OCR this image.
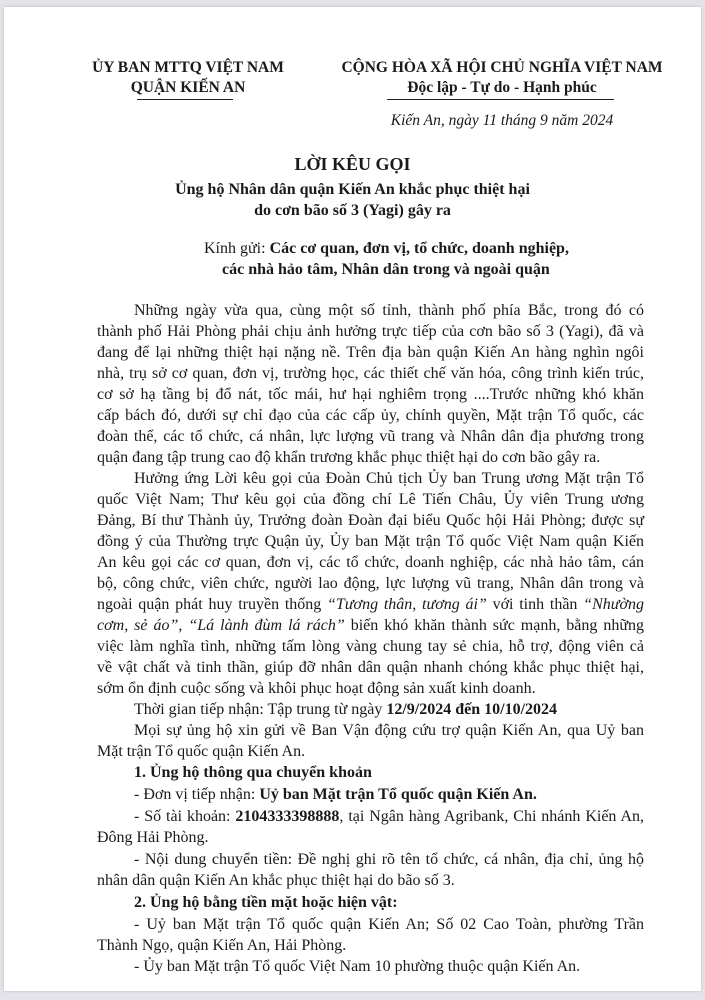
ỦY BAN MTTQ VIỆT NAM
QUẬN KIẾN AN
CỘNG HÒA XÃ HỘI CHỦ NGHĨA VIỆT NAM
Độc lập - Tự do - Hạnh phúc
Kiến An, ngày 11 tháng 9 năm 2024
LỜI KÊU GỌI
Ủng hộ Nhân dân quận Kiến An khắc phục thiệt hại
do cơn bão số 3 (Yagi) gây ra
Kính gửi: Các cơ quan, đơn vị, tổ chức, doanh nghiệp,
các nhà hảo tâm, Nhân dân trong và ngoài quận
Những ngày vừa qua, cùng một số tỉnh, thành phố phía Bắc, trong đó có
thành phố Hải Phòng phải chịu ảnh hưởng trực tiếp của cơn bão số 3 (Yagi), đã và
đang để lại những thiệt hại nặng nề. Trên địa bàn quận Kiến An hàng nghìn ngôi
nhà, trụ sở cơ quan, đơn vị, trường học, các thiết chế văn hóa, công trình kiến trúc,
cơ sở hạ tầng bị đổ nát, tốc mái, hư hại nghiêm trọng ....Trước những khó khăn
cấp bách đó, dưới sự chỉ đạo của các cấp ủy, chính quyền, Mặt trận Tổ quốc, các
đoàn thể, các tổ chức, cá nhân, lực lượng vũ trang và Nhân dân địa phương trong
quận đang tập trung cao độ khẩn trương khắc phục thiệt hại do cơn bão gây ra.
Hưởng ứng Lời kêu gọi của Đoàn Chủ tịch Ủy ban Trung ương Mặt trận Tổ
quốc Việt Nam; Thư kêu gọi của đồng chí Lê Tiến Châu, Ủy viên Trung ương
Đảng, Bí thư Thành ủy, Trưởng đoàn Đoàn đại biểu Quốc hội Hải Phòng; được sự
đồng ý của Thường trực Quận ủy, Ủy ban Mặt trận Tổ quốc Việt Nam quận Kiến
An kêu gọi các cơ quan, đơn vị, các tổ chức, doanh nghiệp, các nhà hảo tâm, cán
bộ, công chức, viên chức, người lao động, lực lượng vũ trang, Nhân dân trong và
ngoài quận phát huy truyền thống “Tương thân, tương ái” với tinh thần “Nhường
cơm, sẻ áo”, “Lá lành đùm lá rách” biến khó khăn thành sức mạnh, bằng những
việc làm nghĩa tình, những tấm lòng vàng chung tay sẻ chia, hỗ trợ, động viên cả
về vật chất và tinh thần, giúp đỡ nhân dân quận nhanh chóng khắc phục thiệt hại,
sớm ổn định cuộc sống và khôi phục hoạt động sản xuất kinh doanh.
Thời gian tiếp nhận: Tập trung từ ngày 12/9/2024 đến 10/10/2024
Mọi sự ủng hộ xin gửi về Ban Vận động cứu trợ quận Kiến An, qua Uỷ ban
Mặt trận Tổ quốc quận Kiến An.
1. Ủng hộ thông qua chuyển khoản
- Đơn vị tiếp nhận: Uỷ ban Mặt trận Tổ quốc quận Kiến An.
- Số tài khoản: 2104333398888, tại Ngân hàng Agribank, Chi nhánh Kiến An,
Đông Hải Phòng.
- Nội dung chuyển tiền: Đề nghị ghi rõ tên tổ chức, cá nhân, địa chỉ, ủng hộ
nhân dân quận Kiến An khắc phục thiệt hại do bão số 3.
2. Ủng hộ bằng tiền mặt hoặc hiện vật:
- Uỷ ban Mặt trận Tổ quốc quận Kiến An; Số 02 Cao Toàn, phường Trần
Thành Ngọ, quận Kiến An, Hải Phòng.
- Ủy ban Mặt trận Tổ quốc Việt Nam 10 phường thuộc quận Kiến An.
